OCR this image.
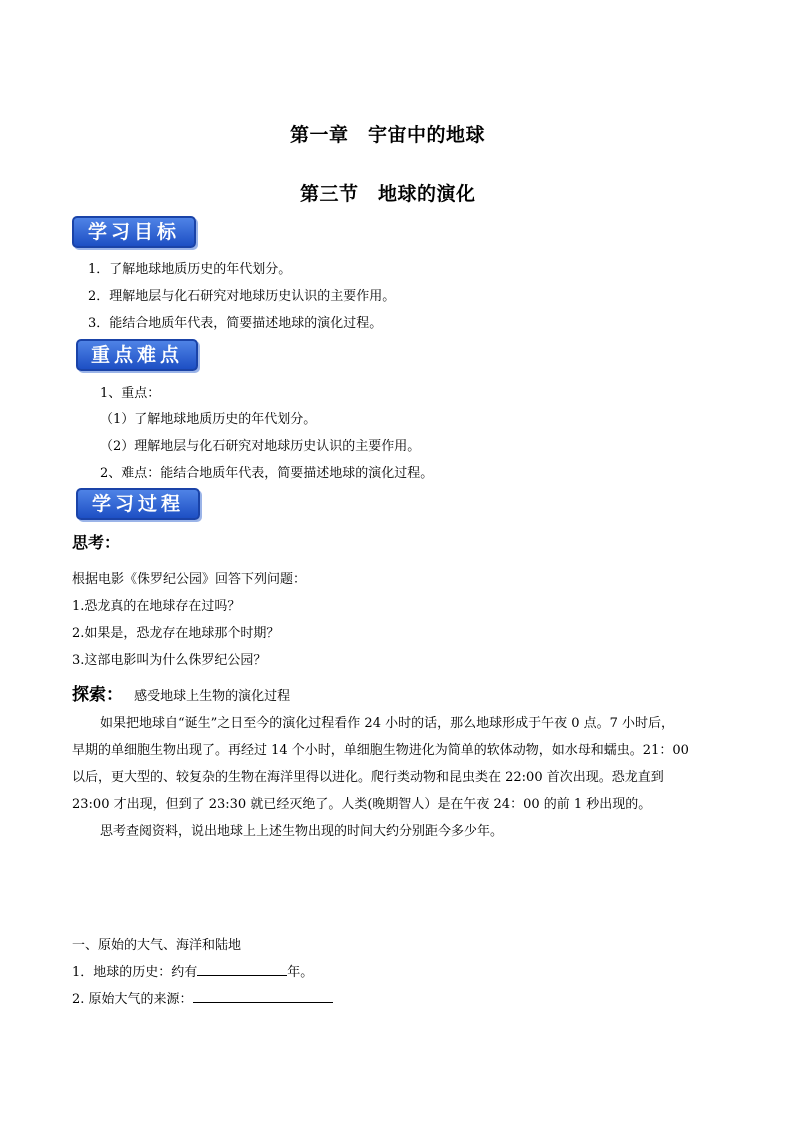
第一章　宇宙中的地球
第三节　地球的演化
学习目标
1．了解地球地质历史的年代划分。
2．理解地层与化石研究对地球历史认识的主要作用。
3．能结合地质年代表，简要描述地球的演化过程。
重点难点
1、重点：
（1）了解地球地质历史的年代划分。
（2）理解地层与化石研究对地球历史认识的主要作用。
2、难点：能结合地质年代表，简要描述地球的演化过程。
学习过程
思考：
根据电影《侏罗纪公园》回答下列问题：
1.恐龙真的在地球存在过吗？
2.如果是，恐龙存在地球那个时期？
3.这部电影叫为什么侏罗纪公园？
探索： 感受地球上生物的演化过程
如果把地球自“诞生”之日至今的演化过程看作 24 小时的话，那么地球形成于午夜 0 点。7 小时后，
早期的单细胞生物出现了。再经过 14 个小时，单细胞生物进化为简单的软体动物，如水母和蠕虫。21：00
以后，更大型的、较复杂的生物在海洋里得以进化。爬行类动物和昆虫类在 22:00 首次出现。恐龙直到
23:00 才出现，但到了 23:30 就已经灭绝了。人类(晚期智人）是在午夜 24：00 的前 1 秒出现的。
思考查阅资料，说出地球上上述生物出现的时间大约分别距今多少年。
一、原始的大气、海洋和陆地
1．地球的历史：约有	年。
2. 原始大气的来源：
